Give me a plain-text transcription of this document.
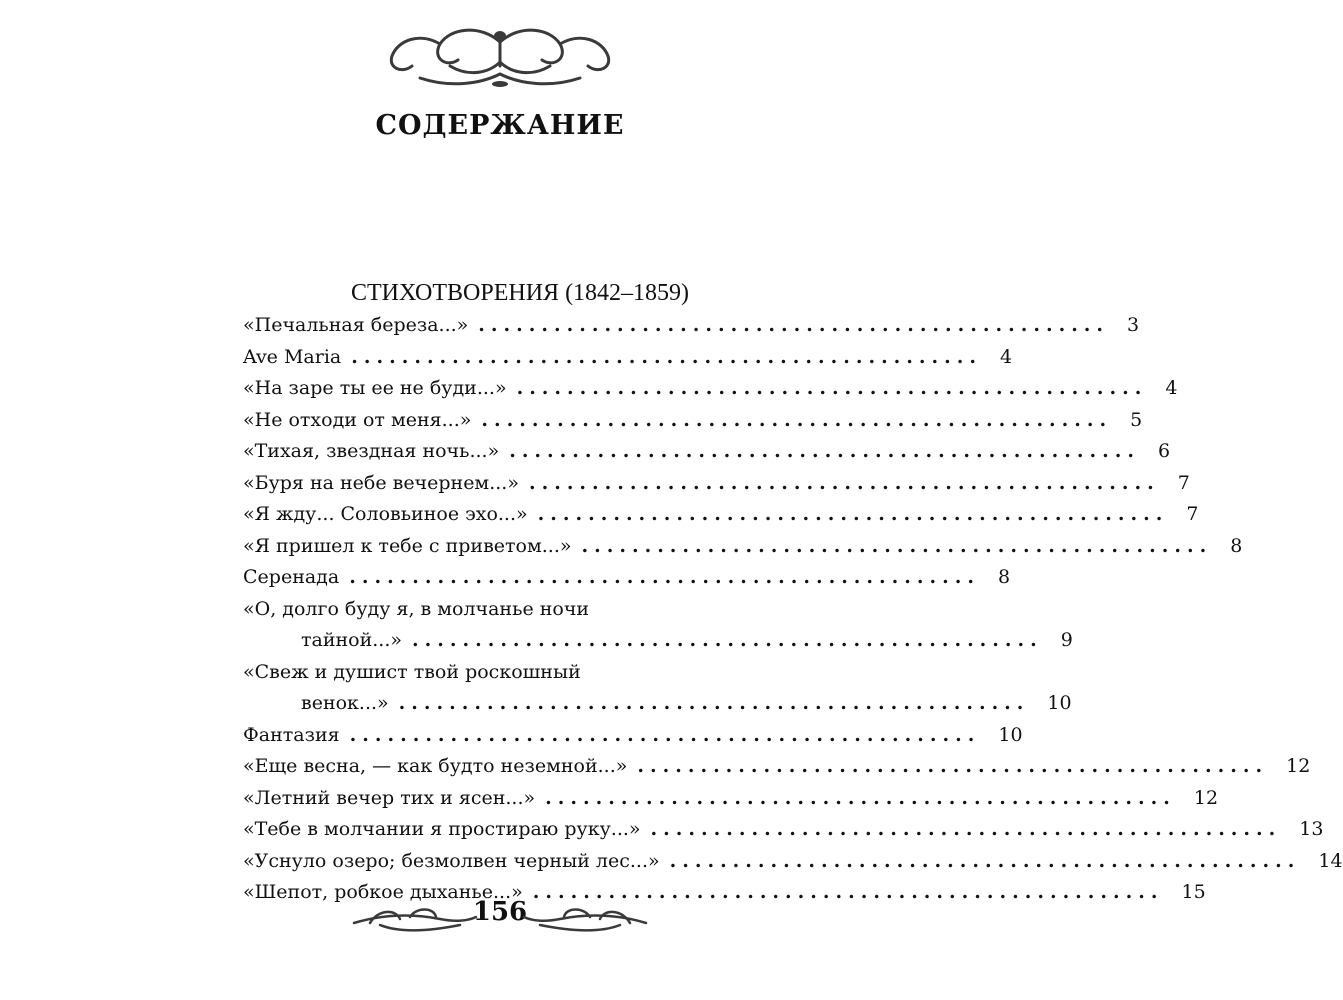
СОДЕРЖАНИЕ
СТИХОТВОРЕНИЯ (1842–1859)
«Печальная береза...» .................................................. 3
Ave Maria .................................................. 4
«На заре ты ее не буди...» .................................................. 4
«Не отходи от меня...» .................................................. 5
«Тихая, звездная ночь...» .................................................. 6
«Буря на небе вечернем...» .................................................. 7
«Я жду... Соловьиное эхо...» .................................................. 7
«Я пришел к тебе с приветом...» .................................................. 8
Серенада .................................................. 8
«О, долго буду я, в молчанье ночи
тайной...» .................................................. 9
«Свеж и душист твой роскошный
венок...» .................................................. 10
Фантазия .................................................. 10
«Еще весна, — как будто неземной...» .................................................. 12
«Летний вечер тих и ясен...» .................................................. 12
«Тебе в молчании я простираю руку...» .................................................. 13
«Уснуло озеро; безмолвен черный лес...» .................................................. 14
«Шепот, робкое дыханье...» .................................................. 15
156
